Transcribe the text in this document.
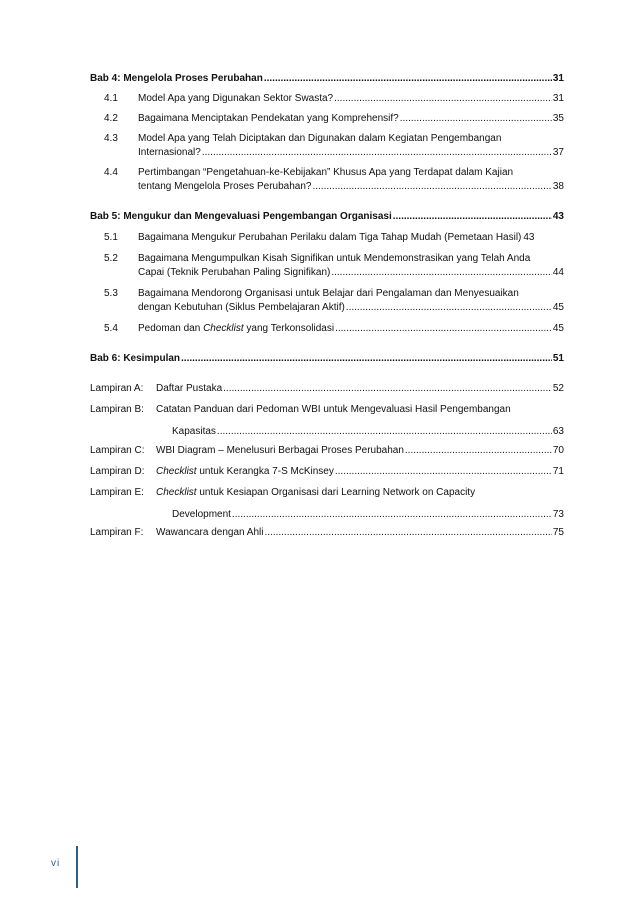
Bab 4: Mengelola Proses Perubahan .....	31
4.1 Model Apa yang Digunakan Sektor Swasta? .....	31
4.2 Bagaimana Menciptakan Pendekatan yang Komprehensif? .....	35
4.3 Model Apa yang Telah Diciptakan dan Digunakan dalam Kegiatan Pengembangan
Internasional? .....	37
4.4 Pertimbangan “Pengetahuan-ke-Kebijakan” Khusus Apa yang Terdapat dalam Kajian
tentang Mengelola Proses Perubahan? .....	38
Bab 5: Mengukur dan Mengevaluasi Pengembangan Organisasi .....	43
5.1 Bagaimana Mengukur Perubahan Perilaku dalam Tiga Tahap Mudah (Pemetaan Hasil) 43
5.2 Bagaimana Mengumpulkan Kisah Signifikan untuk Mendemonstrasikan yang Telah Anda
Capai (Teknik Perubahan Paling Signifikan) .....	44
5.3 Bagaimana Mendorong Organisasi untuk Belajar dari Pengalaman dan Menyesuaikan
dengan Kebutuhan (Siklus Pembelajaran Aktif) .....	45
5.4 Pedoman dan Checklist yang Terkonsolidasi .....	45
Bab 6: Kesimpulan .....	51
Lampiran A: Daftar Pustaka .....	52
Lampiran B: Catatan Panduan dari Pedoman WBI untuk Mengevaluasi Hasil Pengembangan
Kapasitas .....	63
Lampiran C: WBI Diagram – Menelusuri Berbagai Proses Perubahan .....	70
Lampiran D: Checklist untuk Kerangka 7-S McKinsey .....	71
Lampiran E: Checklist untuk Kesiapan Organisasi dari Learning Network on Capacity
Development .....	73
Lampiran F: Wawancara dengan Ahli .....	75
vi
